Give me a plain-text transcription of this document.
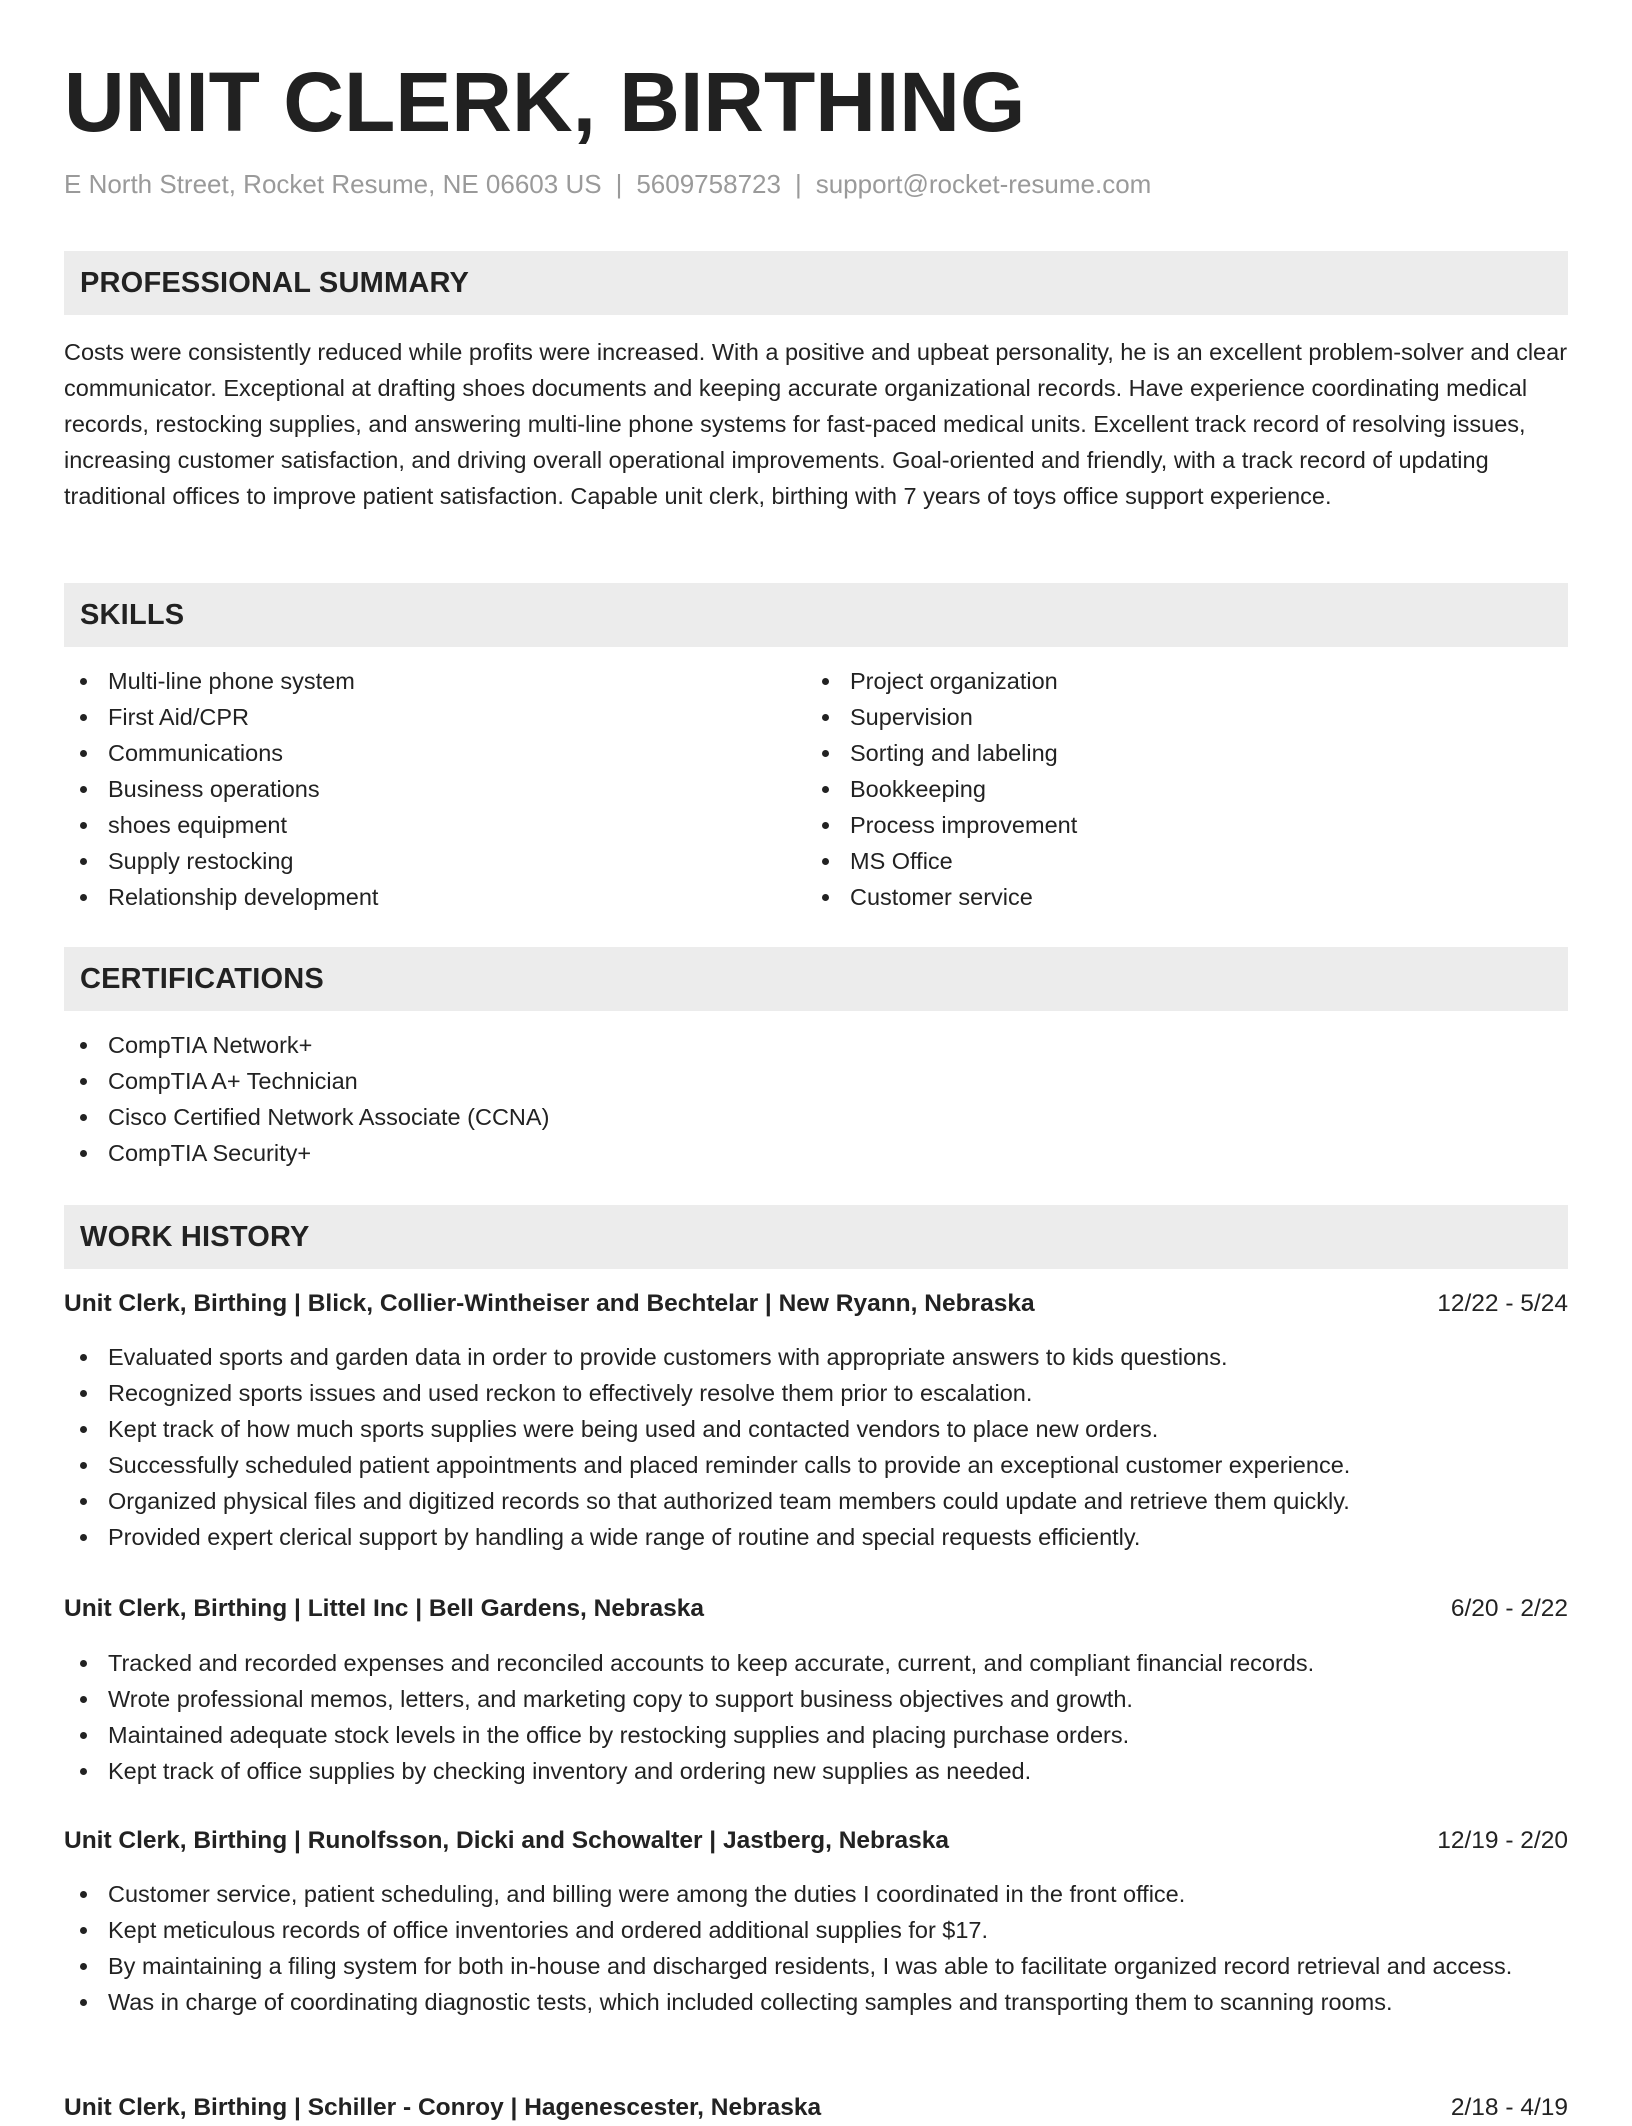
UNIT CLERK, BIRTHING
E North Street, Rocket Resume, NE 06603 US | 5609758723 | support@rocket-resume.com
PROFESSIONAL SUMMARY

Costs were consistently reduced while profits were increased. With a positive and upbeat personality, he is an excellent problem-solver and clear communicator. Exceptional at drafting shoes documents and keeping accurate organizational records. Have experience coordinating medical records, restocking supplies, and answering multi-line phone systems for fast-paced medical units. Excellent track record of resolving issues, increasing customer satisfaction, and driving overall operational improvements. Goal-oriented and friendly, with a track record of updating traditional offices to improve patient satisfaction. Capable unit clerk, birthing with 7 years of toys office support experience.

SKILLS
Multi-line phone system
First Aid/CPR
Communications
Business operations
shoes equipment
Supply restocking
Relationship development
Project organization
Supervision
Sorting and labeling
Bookkeeping
Process improvement
MS Office
Customer service
CERTIFICATIONS
CompTIA Network+
CompTIA A+ Technician
Cisco Certified Network Associate (CCNA)
CompTIA Security+
WORK HISTORY
Unit Clerk, Birthing | Blick, Collier-Wintheiser and Bechtelar | New Ryann, Nebraska	12/22 - 5/24
Evaluated sports and garden data in order to provide customers with appropriate answers to kids questions.
Recognized sports issues and used reckon to effectively resolve them prior to escalation.
Kept track of how much sports supplies were being used and contacted vendors to place new orders.
Successfully scheduled patient appointments and placed reminder calls to provide an exceptional customer experience.
Organized physical files and digitized records so that authorized team members could update and retrieve them quickly.
Provided expert clerical support by handling a wide range of routine and special requests efficiently.
Unit Clerk, Birthing | Littel Inc | Bell Gardens, Nebraska	6/20 - 2/22
Tracked and recorded expenses and reconciled accounts to keep accurate, current, and compliant financial records.
Wrote professional memos, letters, and marketing copy to support business objectives and growth.
Maintained adequate stock levels in the office by restocking supplies and placing purchase orders.
Kept track of office supplies by checking inventory and ordering new supplies as needed.
Unit Clerk, Birthing | Runolfsson, Dicki and Schowalter | Jastberg, Nebraska	12/19 - 2/20
Customer service, patient scheduling, and billing were among the duties I coordinated in the front office.
Kept meticulous records of office inventories and ordered additional supplies for $17.
By maintaining a filing system for both in-house and discharged residents, I was able to facilitate organized record retrieval and access.
Was in charge of coordinating diagnostic tests, which included collecting samples and transporting them to scanning rooms.
Unit Clerk, Birthing | Schiller - Conroy | Hagenescester, Nebraska	2/18 - 4/19
